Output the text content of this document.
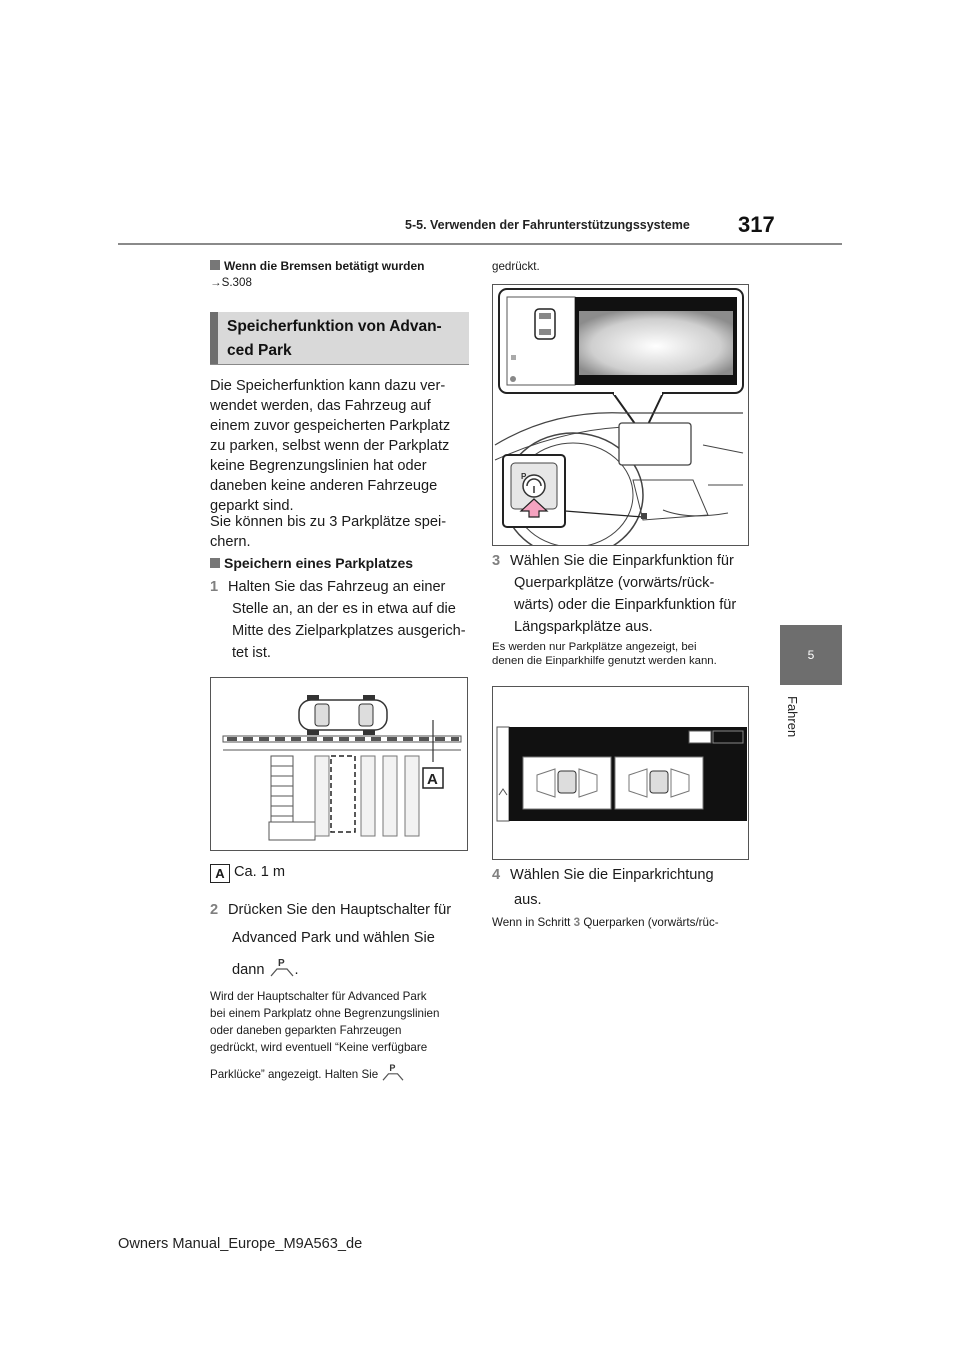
5-5. Verwenden der Fahrunterstützungssysteme 317
5
Fahren
Wenn die Bremsen betätigt wurden
→S.308
Speicherfunktion von Advan-
ced Park
Die Speicherfunktion kann dazu ver-
wendet werden, das Fahrzeug auf
einem zuvor gespeicherten Parkplatz
zu parken, selbst wenn der Parkplatz
keine Begrenzungslinien hat oder
daneben keine anderen Fahrzeuge
geparkt sind.
Sie können bis zu 3 Parkplätze spei-
chern.
Speichern eines Parkplatzes
1 Halten Sie das Fahrzeug an einer
Stelle an, an der es in etwa auf die
Mitte des Zielparkplatzes ausgerich-
tet ist.
A
A Ca. 1 m
2 Drücken Sie den Hauptschalter für
Advanced Park und wählen Sie
dann P .
Wird der Hauptschalter für Advanced Park
bei einem Parkplatz ohne Begrenzungslinien
oder daneben geparkten Fahrzeugen
gedrückt, wird eventuell “Keine verfügbare
Parklücke” angezeigt. Halten Sie P
gedrückt.
P
3 Wählen Sie die Einparkfunktion für
Querparkplätze (vorwärts/rück-
wärts) oder die Einparkfunktion für
Längsparkplätze aus.
Es werden nur Parkplätze angezeigt, bei
denen die Einparkhilfe genutzt werden kann.
4 Wählen Sie die Einparkrichtung
aus.
Wenn in Schritt 3 Querparken (vorwärts/rüc-
Owners Manual_Europe_M9A563_de
